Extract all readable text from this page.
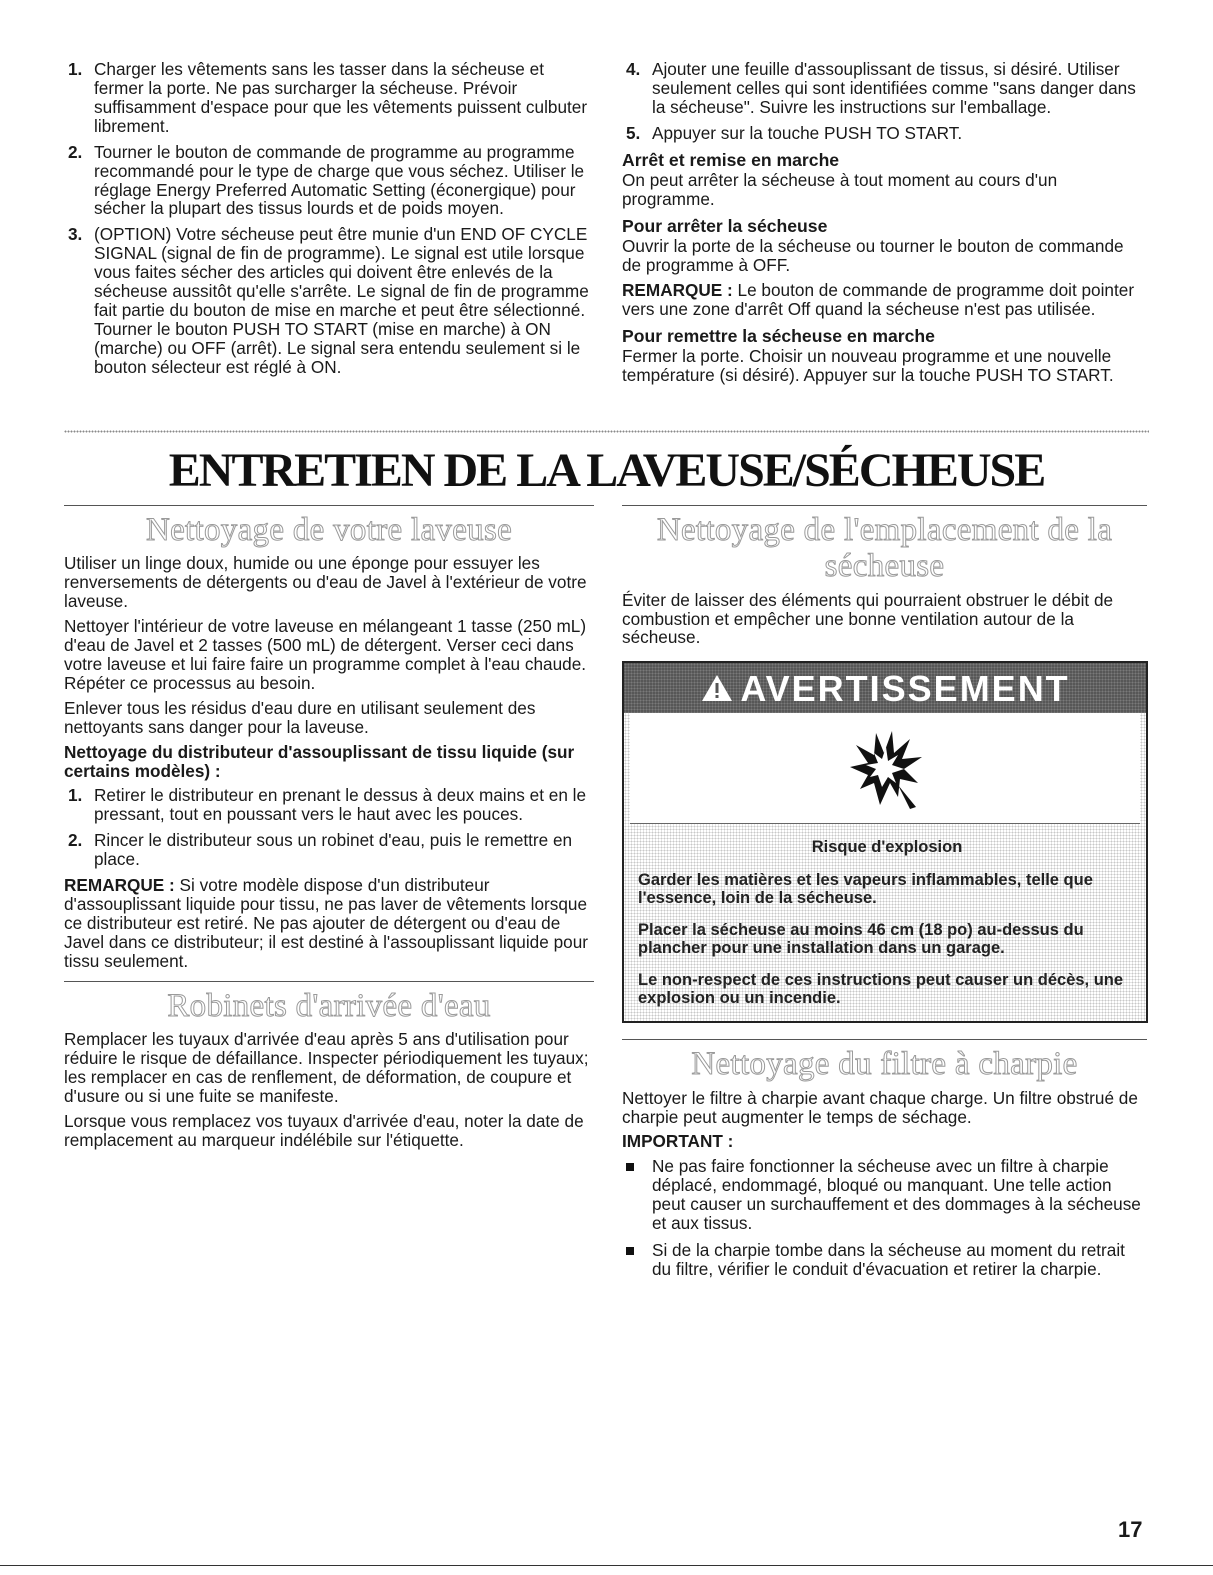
1. Charger les vêtements sans les tasser dans la sécheuse et fermer la porte. Ne pas surcharger la sécheuse. Prévoir suffisamment d'espace pour que les vêtements puissent culbuter librement.
2. Tourner le bouton de commande de programme au programme recommandé pour le type de charge que vous séchez. Utiliser le réglage Energy Preferred Automatic Setting (éconergique) pour sécher la plupart des tissus lourds et de poids moyen.
3. (OPTION) Votre sécheuse peut être munie d'un END OF CYCLE SIGNAL (signal de fin de programme). Le signal est utile lorsque vous faites sécher des articles qui doivent être enlevés de la sécheuse aussitôt qu'elle s'arrête. Le signal de fin de programme fait partie du bouton de mise en marche et peut être sélectionné. Tourner le bouton PUSH TO START (mise en marche) à ON (marche) ou OFF (arrêt). Le signal sera entendu seulement si le bouton sélecteur est réglé à ON.
4. Ajouter une feuille d'assouplissant de tissus, si désiré. Utiliser seulement celles qui sont identifiées comme "sans danger dans la sécheuse". Suivre les instructions sur l'emballage.
5. Appuyer sur la touche PUSH TO START.

Arrêt et remise en marche

On peut arrêter la sécheuse à tout moment au cours d'un programme.

Pour arrêter la sécheuse

Ouvrir la porte de la sécheuse ou tourner le bouton de commande de programme à OFF.

REMARQUE : Le bouton de commande de programme doit pointer vers une zone d'arrêt Off quand la sécheuse n'est pas utilisée.

Pour remettre la sécheuse en marche

Fermer la porte. Choisir un nouveau programme et une nouvelle température (si désiré). Appuyer sur la touche PUSH TO START.

ENTRETIEN DE LA LAVEUSE/SÉCHEUSE
Nettoyage de votre laveuse

Utiliser un linge doux, humide ou une éponge pour essuyer les renversements de détergents ou d'eau de Javel à l'extérieur de votre laveuse.

Nettoyer l'intérieur de votre laveuse en mélangeant 1 tasse (250 mL) d'eau de Javel et 2 tasses (500 mL) de détergent. Verser ceci dans votre laveuse et lui faire faire un programme complet à l'eau chaude. Répéter ce processus au besoin.

Enlever tous les résidus d'eau dure en utilisant seulement des nettoyants sans danger pour la laveuse.

Nettoyage du distributeur d'assouplissant de tissu liquide (sur certains modèles) :

1. Retirer le distributeur en prenant le dessus à deux mains et en le pressant, tout en poussant vers le haut avec les pouces.
2. Rincer le distributeur sous un robinet d'eau, puis le remettre en place.

REMARQUE : Si votre modèle dispose d'un distributeur d'assouplissant liquide pour tissu, ne pas laver de vêtements lorsque ce distributeur est retiré. Ne pas ajouter de détergent ou d'eau de Javel dans ce distributeur; il est destiné à l'assouplissant liquide pour tissu seulement.

Robinets d'arrivée d'eau

Remplacer les tuyaux d'arrivée d'eau après 5 ans d'utilisation pour réduire le risque de défaillance. Inspecter périodiquement les tuyaux; les remplacer en cas de renflement, de déformation, de coupure et d'usure ou si une fuite se manifeste.

Lorsque vous remplacez vos tuyaux d'arrivée d'eau, noter la date de remplacement au marqueur indélébile sur l'étiquette.

Nettoyage de l'emplacement de la sécheuse

Éviter de laisser des éléments qui pourraient obstruer le débit de combustion et empêcher une bonne ventilation autour de la sécheuse.

AVERTISSEMENT

Risque d'explosion

Garder les matières et les vapeurs inflammables, telle que l'essence, loin de la sécheuse.

Placer la sécheuse au moins 46 cm (18 po) au-dessus du plancher pour une installation dans un garage.

Le non-respect de ces instructions peut causer un décès, une explosion ou un incendie.

Nettoyage du filtre à charpie

Nettoyer le filtre à charpie avant chaque charge. Un filtre obstrué de charpie peut augmenter le temps de séchage.

IMPORTANT :

Ne pas faire fonctionner la sécheuse avec un filtre à charpie déplacé, endommagé, bloqué ou manquant. Une telle action peut causer un surchauffement et des dommages à la sécheuse et aux tissus.
Si de la charpie tombe dans la sécheuse au moment du retrait du filtre, vérifier le conduit d'évacuation et retirer la charpie.
17
